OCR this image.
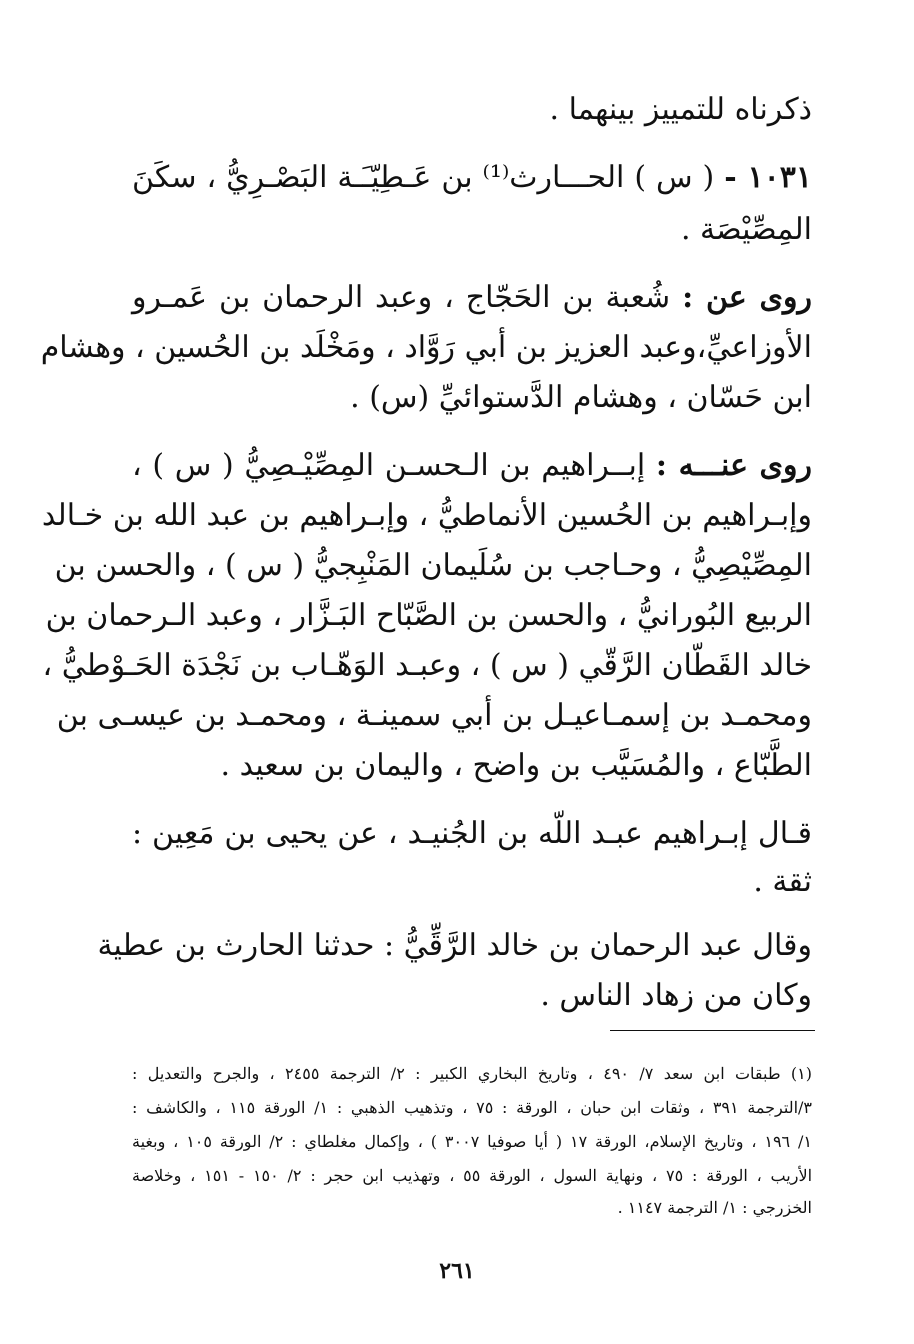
ذكرناه للتمييز بينهما .
١٠٣١ - ( س ) الحـــارث⁽¹⁾ بن عَـطِيّـَـة البَصْـرِيُّ ، سكَنَ
المِصِّيْصَة .
روى عن : شُعبة بن الحَجّاج ، وعبد الرحمان بن عَمـرو
الأوزاعيِّ،وعبد العزيز بن أبي رَوَّاد ، ومَخْلَد بن الحُسين ، وهشام
ابن حَسّان ، وهشام الدَّستوائيِّ (س) .
روى عنـــه : إبــراهيم بن الـحسـن المِصِّيْـصِيُّ ( س ) ،
وإبـراهيم بن الحُسين الأنماطيُّ ، وإبـراهيم بن عبد الله بن خـالد
المِصِّيْصِيُّ ، وحـاجب بن سُلَيمان المَنْبِجيُّ ( س ) ، والحسن بن
الربيع البُورانيُّ ، والحسن بن الصَّبّاح البَـزَّار ، وعبد الـرحمان بن
خالد القَطّان الرَّقّي ( س ) ، وعبـد الوَهّـاب بن نَجْدَة الحَـوْطيُّ ،
ومحمـد بن إسمـاعيـل بن أبي سمينـة ، ومحمـد بن عيسـى بن
الطَّبّاع ، والمُسَيَّب بن واضح ، واليمان بن سعيد .
قـال إبـراهيم عبـد اللّه بن الجُنيـد ، عن يحيى بن مَعِين :
ثقة .
وقال عبد الرحمان بن خالد الرَّقِّيُّ : حدثنا الحارث بن عطية
وكان من زهاد الناس .
(١) طبقات ابن سعد ٧/ ٤٩٠ ، وتاريخ البخاري الكبير : ٢/ الترجمة ٢٤٥٥ ، والجرح والتعديل :
٣/الترجمة ٣٩١ ، وثقات ابن حبان ، الورقة : ٧٥ ، وتذهيب الذهبي : ١/ الورقة ١١٥ ، والكاشف :
١/ ١٩٦ ، وتاريخ الإسلام، الورقة ١٧ ( أيا صوفيا ٣٠٠٧ ) ، وإكمال مغلطاي : ٢/ الورقة ١٠٥ ، وبغية
الأريب ، الورقة : ٧٥ ، ونهاية السول ، الورقة ٥٥ ، وتهذيب ابن حجر : ٢/ ١٥٠ - ١٥١ ، وخلاصة
الخزرجي : ١/ الترجمة ١١٤٧ .
٢٦١
